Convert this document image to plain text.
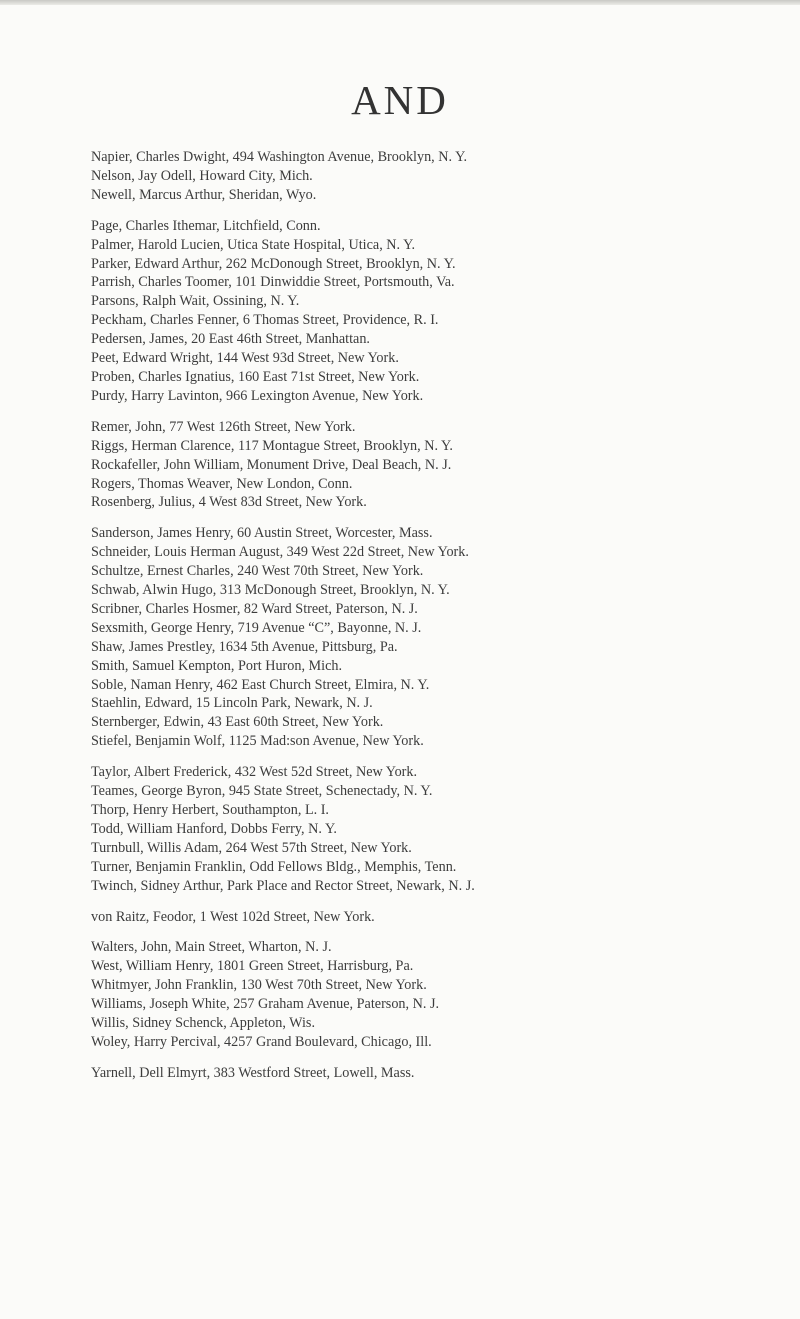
AND
Napier, Charles Dwight, 494 Washington Avenue, Brooklyn, N. Y.
Nelson, Jay Odell, Howard City, Mich.
Newell, Marcus Arthur, Sheridan, Wyo.
Page, Charles Ithemar, Litchfield, Conn.
Palmer, Harold Lucien, Utica State Hospital, Utica, N. Y.
Parker, Edward Arthur, 262 McDonough Street, Brooklyn, N. Y.
Parrish, Charles Toomer, 101 Dinwiddie Street, Portsmouth, Va.
Parsons, Ralph Wait, Ossining, N. Y.
Peckham, Charles Fenner, 6 Thomas Street, Providence, R. I.
Pedersen, James, 20 East 46th Street, Manhattan.
Peet, Edward Wright, 144 West 93d Street, New York.
Proben, Charles Ignatius, 160 East 71st Street, New York.
Purdy, Harry Lavinton, 966 Lexington Avenue, New York.
Remer, John, 77 West 126th Street, New York.
Riggs, Herman Clarence, 117 Montague Street, Brooklyn, N. Y.
Rockafeller, John William, Monument Drive, Deal Beach, N. J.
Rogers, Thomas Weaver, New London, Conn.
Rosenberg, Julius, 4 West 83d Street, New York.
Sanderson, James Henry, 60 Austin Street, Worcester, Mass.
Schneider, Louis Herman August, 349 West 22d Street, New York.
Schultze, Ernest Charles, 240 West 70th Street, New York.
Schwab, Alwin Hugo, 313 McDonough Street, Brooklyn, N. Y.
Scribner, Charles Hosmer, 82 Ward Street, Paterson, N. J.
Sexsmith, George Henry, 719 Avenue “C”, Bayonne, N. J.
Shaw, James Prestley, 1634 5th Avenue, Pittsburg, Pa.
Smith, Samuel Kempton, Port Huron, Mich.
Soble, Naman Henry, 462 East Church Street, Elmira, N. Y.
Staehlin, Edward, 15 Lincoln Park, Newark, N. J.
Sternberger, Edwin, 43 East 60th Street, New York.
Stiefel, Benjamin Wolf, 1125 Mad:son Avenue, New York.
Taylor, Albert Frederick, 432 West 52d Street, New York.
Teames, George Byron, 945 State Street, Schenectady, N. Y.
Thorp, Henry Herbert, Southampton, L. I.
Todd, William Hanford, Dobbs Ferry, N. Y.
Turnbull, Willis Adam, 264 West 57th Street, New York.
Turner, Benjamin Franklin, Odd Fellows Bldg., Memphis, Tenn.
Twinch, Sidney Arthur, Park Place and Rector Street, Newark, N. J.
von Raitz, Feodor, 1 West 102d Street, New York.
Walters, John, Main Street, Wharton, N. J.
West, William Henry, 1801 Green Street, Harrisburg, Pa.
Whitmyer, John Franklin, 130 West 70th Street, New York.
Williams, Joseph White, 257 Graham Avenue, Paterson, N. J.
Willis, Sidney Schenck, Appleton, Wis.
Woley, Harry Percival, 4257 Grand Boulevard, Chicago, Ill.
Yarnell, Dell Elmyrt, 383 Westford Street, Lowell, Mass.
